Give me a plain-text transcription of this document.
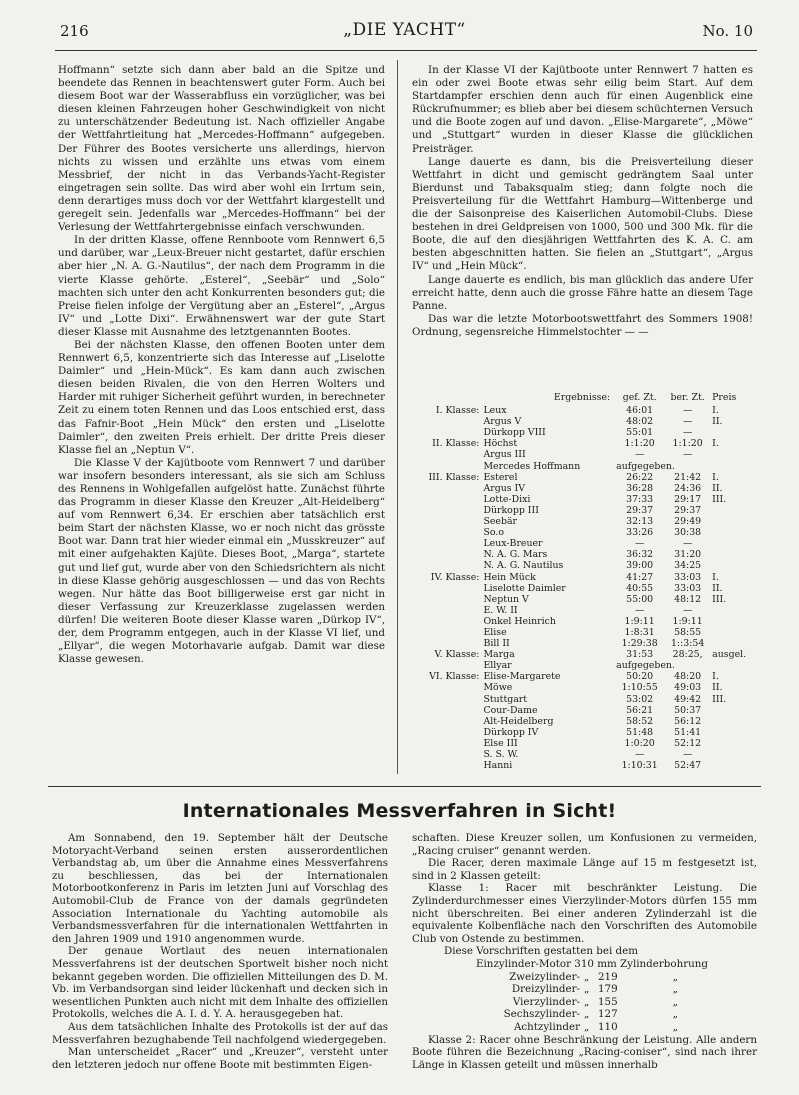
216	„DIE YACHT“	No. 10

Hoffmann“ setzte sich dann aber bald an die Spitze und beendete das Rennen in beachtenswert guter Form. Auch bei diesem Boot war der Wasserabfluss ein vorzüglicher, was bei diesen kleinen Fahrzeugen hoher Geschwindigkeit von nicht zu unterschätzender Bedeutung ist. Nach offizieller Angabe der Wettfahrtleitung hat „Mercedes-Hoffmann“ aufgegeben. Der Führer des Bootes versicherte uns allerdings, hiervon nichts zu wissen und erzählte uns etwas vom einem Messbrief, der nicht in das Verbands-Yacht-Register eingetragen sein sollte. Das wird aber wohl ein Irrtum sein, denn derartiges muss doch vor der Wettfahrt klargestellt und geregelt sein. Jedenfalls war „Mercedes-Hoffmann“ bei der Verlesung der Wettfahrtergebnisse einfach verschwunden.

In der dritten Klasse, offene Rennboote vom Rennwert 6,5 und darüber, war „Leux-Breuer nicht gestartet, dafür erschien aber hier „N. A. G.-Nautilus“, der nach dem Programm in die vierte Klasse gehörte. „Esterel“, „Seebär“ und „Solo“ machten sich unter den acht Konkurrenten besonders gut; die Preise fielen infolge der Vergütung aber an „Esterel“, „Argus IV“ und „Lotte Dixi“. Erwähnenswert war der gute Start dieser Klasse mit Ausnahme des letztgenannten Bootes.

Bei der nächsten Klasse, den offenen Booten unter dem Rennwert 6,5, konzentrierte sich das Interesse auf „Liselotte Daimler“ und „Hein-Mück“. Es kam dann auch zwischen diesen beiden Rivalen, die von den Herren Wolters und Harder mit ruhiger Sicherheit geführt wurden, in berechneter Zeit zu einem toten Rennen und das Loos entschied erst, dass das Fafnir-Boot „Hein Mück“ den ersten und „Liselotte Daimler“, den zweiten Preis erhielt. Der dritte Preis dieser Klasse fiel an „Neptun V“.

Die Klasse V der Kajütboote vom Rennwert 7 und darüber war insofern besonders interessant, als sie sich am Schluss des Rennens in Wohlgefallen aufgelöst hatte. Zunächst führte das Programm in dieser Klasse den Kreuzer „Alt-Heidelberg“ auf vom Rennwert 6,34. Er erschien aber tatsächlich erst beim Start der nächsten Klasse, wo er noch nicht das grösste Boot war. Dann trat hier wieder einmal ein „Musskreuzer“ auf mit einer aufgehakten Kajüte. Dieses Boot, „Marga“, startete gut und lief gut, wurde aber von den Schiedsrichtern als nicht in diese Klasse gehörig ausgeschlossen — und das von Rechts wegen. Nur hätte das Boot billigerweise erst gar nicht in dieser Verfassung zur Kreuzerklasse zugelassen werden dürfen! Die weiteren Boote dieser Klasse waren „Dürkop IV“, der, dem Programm entgegen, auch in der Klasse VI lief, und „Ellyar“, die wegen Motorhavarie aufgab. Damit war diese Klasse gewesen.

In der Klasse VI der Kajütboote unter Rennwert 7 hatten es ein oder zwei Boote etwas sehr eilig beim Start. Auf dem Startdampfer erschien denn auch für einen Augenblick eine Rückrufnummer; es blieb aber bei diesem schüchternen Versuch und die Boote zogen auf und davon. „Elise-Margarete“, „Möwe“ und „Stuttgart“ wurden in dieser Klasse die glücklichen Preisträger.

Lange dauerte es dann, bis die Preisverteilung dieser Wettfahrt in dicht und gemischt gedrängtem Saal unter Bierdunst und Tabaksqualm stieg; dann folgte noch die Preisverteilung für die Wettfahrt Hamburg—Wittenberge und die der Saisonpreise des Kaiserlichen Automobil-Clubs. Diese bestehen in drei Geldpreisen von 1000, 500 und 300 Mk. für die Boote, die auf den diesjährigen Wettfahrten des K. A. C. am besten abgeschnitten hatten. Sie fielen an „Stuttgart“, „Argus IV“ und „Hein Mück“.

Lange dauerte es endlich, bis man glücklich das andere Ufer erreicht hatte, denn auch die grosse Fähre hatte an diesem Tage Panne.

Das war die letzte Motorbootswettfahrt des Sommers 1908! Ordnung, segensreiche Himmelstochter — —

	Ergebnisse:	gef. Zt.	ber. Zt.	Preis
I. Klasse:	Leux	46:01	—	I.
	Argus V	48:02	—	II.
	Dürkopp VIII	55:01	—	
II. Klasse:	Höchst	1:1:20	1:1:20	I.
	Argus III	—	—	
	Mercedes Hoffmann	aufgegeben.		
III. Klasse:	Esterel	26:22	21:42	I.
	Argus IV	36:28	24:36	II.
	Lotte-Dixi	37:33	29:17	III.
	Dürkopp III	29:37	29:37	
	Seebär	32:13	29:49	
	So.o	33:26	30:38	
	Leux-Breuer	—	—	
	N. A. G. Mars	36:32	31:20	
	N. A. G. Nautilus	39:00	34:25	
IV. Klasse:	Hein Mück	41:27	33:03	I.
	Liselotte Daimler	40:55	33:03	II.
	Neptun V	55:00	48:12	III.
	E. W. II	—	—	
	Onkel Heinrich	1:9:11	1:9:11	
	Elise	1:8:31	58:55	
	Bill II	1:29:38	1::3:54	
V. Klasse:	Marga	31:53	28:25,	ausgel.
	Ellyar	aufgegeben.		
VI. Klasse:	Elise-Margarete	50:20	48:20	I.
	Möwe	1:10:55	49:03	II.
	Stuttgart	53:02	49:42	III.
	Cour-Dame	56:21	50:37	
	Alt-Heidelberg	58:52	56:12	
	Dürkopp IV	51:48	51:41	
	Else III	1:0:20	52:12	
	S. S. W.	—	—	
	Hanni	1:10:31	52:47	
Internationales Messverfahren in Sicht!

Am Sonnabend, den 19. September hält der Deutsche Motoryacht-Verband seinen ersten ausserordentlichen Verbandstag ab, um über die Annahme eines Messverfahrens zu beschliessen, das bei der Internationalen Motorbootkonferenz in Paris im letzten Juni auf Vorschlag des Automobil-Club de France von der damals gegründeten Association Internationale du Yachting automobile als Verbandsmessverfahren für die internationalen Wettfahrten in den Jahren 1909 und 1910 angenommen wurde.

Der genaue Wortlaut des neuen internationalen Messverfahrens ist der deutschen Sportwelt bisher noch nicht bekannt gegeben worden. Die offiziellen Mitteilungen des D. M. Vb. im Verbandsorgan sind leider lückenhaft und decken sich in wesentlichen Punkten auch nicht mit dem Inhalte des offiziellen Protokolls, welches die A. I. d. Y. A. herausgegeben hat.

Aus dem tatsächlichen Inhalte des Protokolls ist der auf das Messverfahren bezughabende Teil nachfolgend wiedergegeben.

Man unterscheidet „Racer“ und „Kreuzer“, versteht unter den letzteren jedoch nur offene Boote mit bestimmten Eigen-

schaften. Diese Kreuzer sollen, um Konfusionen zu vermeiden, „Racing cruiser“ genannt werden.

Die Racer, deren maximale Länge auf 15 m festgesetzt ist, sind in 2 Klassen geteilt:

Klasse 1: Racer mit beschränkter Leistung. Die Zylinderdurchmesser eines Vierzylinder-Motors dürfen 155 mm nicht überschreiten. Bei einer anderen Zylinderzahl ist die equivalente Kolbenfläche nach den Vorschriften des Automobile Club von Ostende zu bestimmen.

Diese Vorschriften gestatten bei dem

Einzylinder-Motor 310 mm Zylinderbohrung

Zweizylinder- „ 219	„
Dreizylinder- „ 179	„
Vierzylinder- „ 155	„
Sechszylinder- „ 127	„
Achtzylinder „ 110	„

Klasse 2: Racer ohne Beschränkung der Leistung. Alle andern Boote führen die Bezeichnung „Racing-coniser“, sind nach ihrer Länge in Klassen geteilt und müssen innerhalb
